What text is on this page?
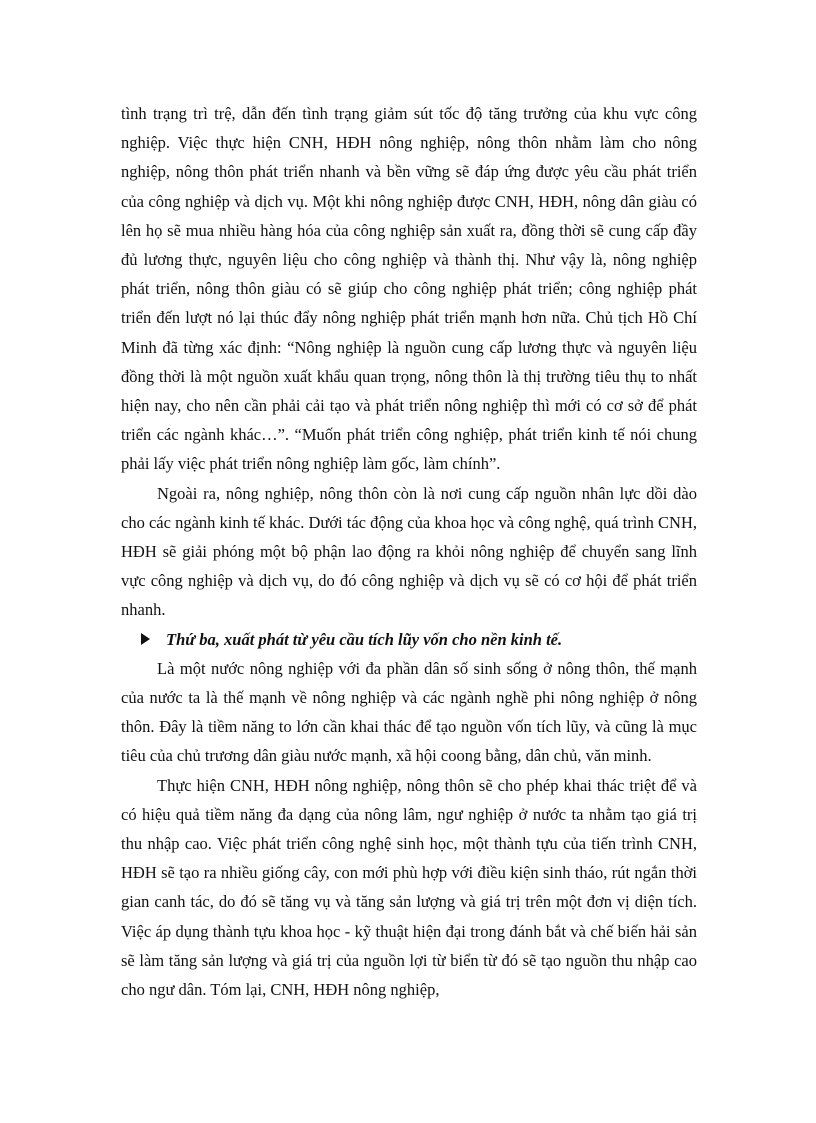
tình trạng trì trệ, dẫn đến tình trạng giảm sút tốc độ tăng trưởng của khu vực công nghiệp. Việc thực hiện CNH, HĐH nông nghiệp, nông thôn nhằm làm cho nông nghiệp, nông thôn phát triển nhanh và bền vững sẽ đáp ứng được yêu cầu phát triển của công nghiệp và dịch vụ. Một khi nông nghiệp được CNH, HĐH, nông dân giàu có lên họ sẽ mua nhiều hàng hóa của công nghiệp sản xuất ra, đồng thời sẽ cung cấp đầy đủ lương thực, nguyên liệu cho công nghiệp và thành thị. Như vậy là, nông nghiệp phát triển, nông thôn giàu có sẽ giúp cho công nghiệp phát triển; công nghiệp phát triển đến lượt nó lại thúc đẩy nông nghiệp phát triển mạnh hơn nữa. Chủ tịch Hồ Chí Minh đã từng xác định: “Nông nghiệp là nguồn cung cấp lương thực và nguyên liệu đồng thời là một nguồn xuất khẩu quan trọng, nông thôn là thị trường tiêu thụ to nhất hiện nay, cho nên cần phải cải tạo và phát triển nông nghiệp thì mới có cơ sở để phát triển các ngành khác…”. “Muốn phát triển công nghiệp, phát triển kinh tế nói chung phải lấy việc phát triển nông nghiệp làm gốc, làm chính”.

Ngoài ra, nông nghiệp, nông thôn còn là nơi cung cấp nguồn nhân lực dồi dào cho các ngành kinh tế khác. Dưới tác động của khoa học và công nghệ, quá trình CNH, HĐH sẽ giải phóng một bộ phận lao động ra khỏi nông nghiệp để chuyển sang lĩnh vực công nghiệp và dịch vụ, do đó công nghiệp và dịch vụ sẽ có cơ hội để phát triển nhanh.

Thứ ba, xuất phát từ yêu cầu tích lũy vốn cho nền kinh tế.

Là một nước nông nghiệp với đa phần dân số sinh sống ở nông thôn, thế mạnh của nước ta là thế mạnh về nông nghiệp và các ngành nghề phi nông nghiệp ở nông thôn. Đây là tiềm năng to lớn cần khai thác để tạo nguồn vốn tích lũy, và cũng là mục tiêu của chủ trương dân giàu nước mạnh, xã hội coong bằng, dân chủ, văn minh.

Thực hiện CNH, HĐH nông nghiệp, nông thôn sẽ cho phép khai thác triệt để và có hiệu quả tiềm năng đa dạng của nông lâm, ngư nghiệp ở nước ta nhằm tạo giá trị thu nhập cao. Việc phát triển công nghệ sinh học, một thành tựu của tiến trình CNH, HĐH sẽ tạo ra nhiều giống cây, con mới phù hợp với điều kiện sinh tháo, rút ngắn thời gian canh tác, do đó sẽ tăng vụ và tăng sản lượng và giá trị trên một đơn vị diện tích. Việc áp dụng thành tựu khoa học - kỹ thuật hiện đại trong đánh bắt và chế biến hải sản sẽ làm tăng sản lượng và giá trị của nguồn lợi từ biển từ đó sẽ tạo nguồn thu nhập cao cho ngư dân. Tóm lại, CNH, HĐH nông nghiệp,
